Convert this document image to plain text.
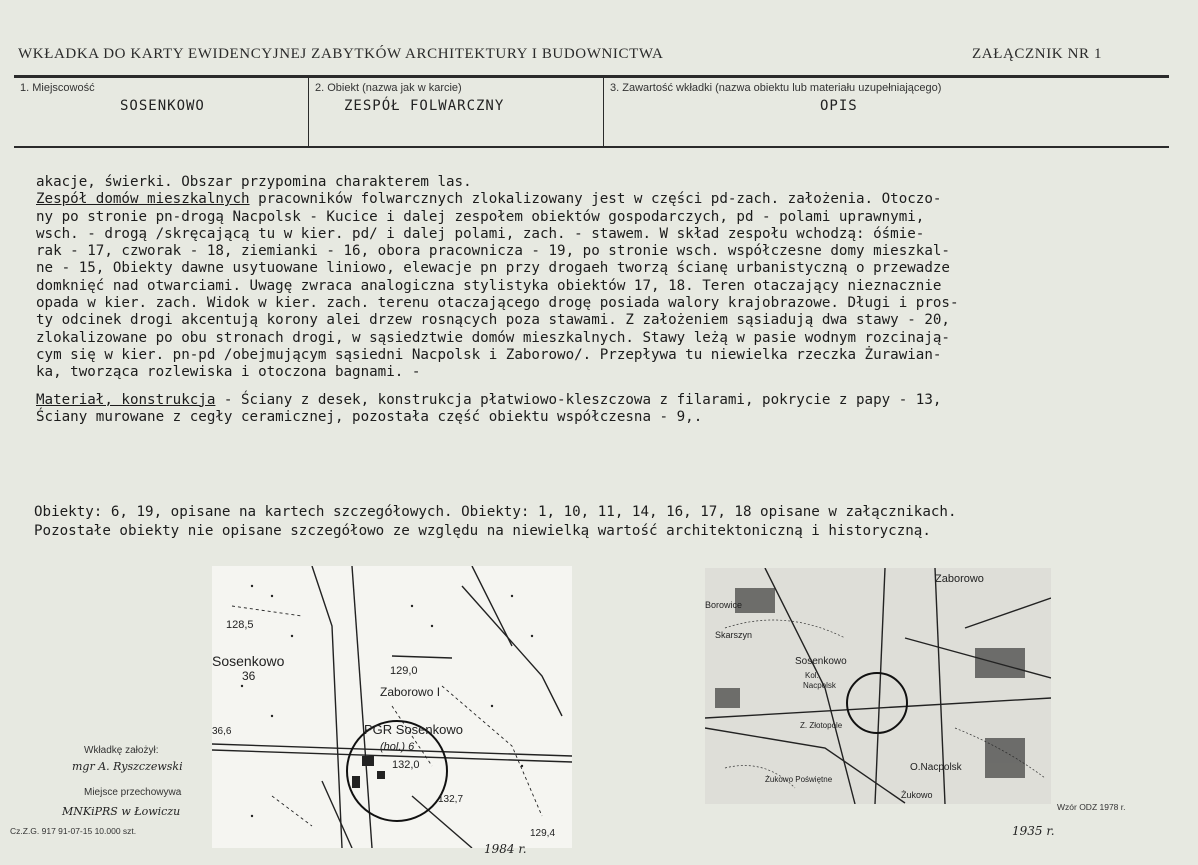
WKŁADKA DO KARTY EWIDENCYJNEJ ZABYTKÓW ARCHITEKTURY I BUDOWNICTWA	ZAŁĄCZNIK NR 1
1. Miejscowość
SOSENKOWO
2. Obiekt (nazwa jak w karcie)
ZESPÓŁ FOLWARCZNY
3. Zawartość wkładki (nazwa obiektu lub materiału uzupełniającego)
OPIS

akacje, świerki. Obszar przypomina charakterem las.

Zespół domów mieszkalnych pracowników folwarcznych zlokalizowany jest w części pd-zach. założenia. Otoczo-

ny po stronie pn-drogą Nacpolsk - Kucice i dalej zespołem obiektów gospodarczych, pd - polami uprawnymi,

wsch. - drogą /skręcającą tu w kier. pd/ i dalej polami, zach. - stawem. W skład zespołu wchodzą: óśmie-

rak - 17, czworak - 18, ziemianki - 16, obora pracownicza - 19, po stronie wsch. współczesne domy mieszkal-

ne - 15, Obiekty dawne usytuowane liniowo, elewacje pn przy drogaeh tworzą ścianę urbanistyczną o przewadze

domknięć nad otwarciami. Uwagę zwraca analogiczna stylistyka obiektów 17, 18. Teren otaczający nieznacznie

opada w kier. zach. Widok w kier. zach. terenu otaczającego drogę posiada walory krajobrazowe. Długi i pros-

ty odcinek drogi akcentują korony alei drzew rosnących poza stawami. Z założeniem sąsiadują dwa stawy - 20,

zlokalizowane po obu stronach drogi, w sąsiedztwie domów mieszkalnych. Stawy leżą w pasie wodnym rozcinają-

cym się w kier. pn-pd /obejmującym sąsiedni Nacpolsk i Zaborowo/. Przepływa tu niewielka rzeczka Żurawian-

ka, tworząca rozlewiska i otoczona bagnami. -

Materiał, konstrukcja - Ściany z desek, konstrukcja płatwiowo-kleszczowa z filarami, pokrycie z papy - 13,

Ściany murowane z cegły ceramicznej, pozostała część obiektu współczesna - 9,.

Obiekty: 6, 19, opisane na kartech szczegółowych. Obiekty: 1, 10, 11, 14, 16, 17, 18 opisane w załącznikach.

Pozostałe obiekty nie opisane szczegółowo ze względu na niewielką wartość architektoniczną i historyczną.

128,5
Sosenkowo
36	129,0
Zaborowo I
36,6	PGR Sosenkowo
(hol.) 6
132,0
132,7
129,4
Zaborowo
Borowice
Skarszyn
Sosenkowo
Kol.
Nacpolsk
Z. Złotopole
O.Nacpolsk
Żukowo Poświętne
Żukowo
1984 r.
1935 r.
Wkładkę założył:
mgr A. Ryszczewski
Miejsce przechowywa
MNKiPRS w Łowiczu
Cz.Z.G. 917 91-07-15 10.000 szt.
Wzór ODZ 1978 r.
